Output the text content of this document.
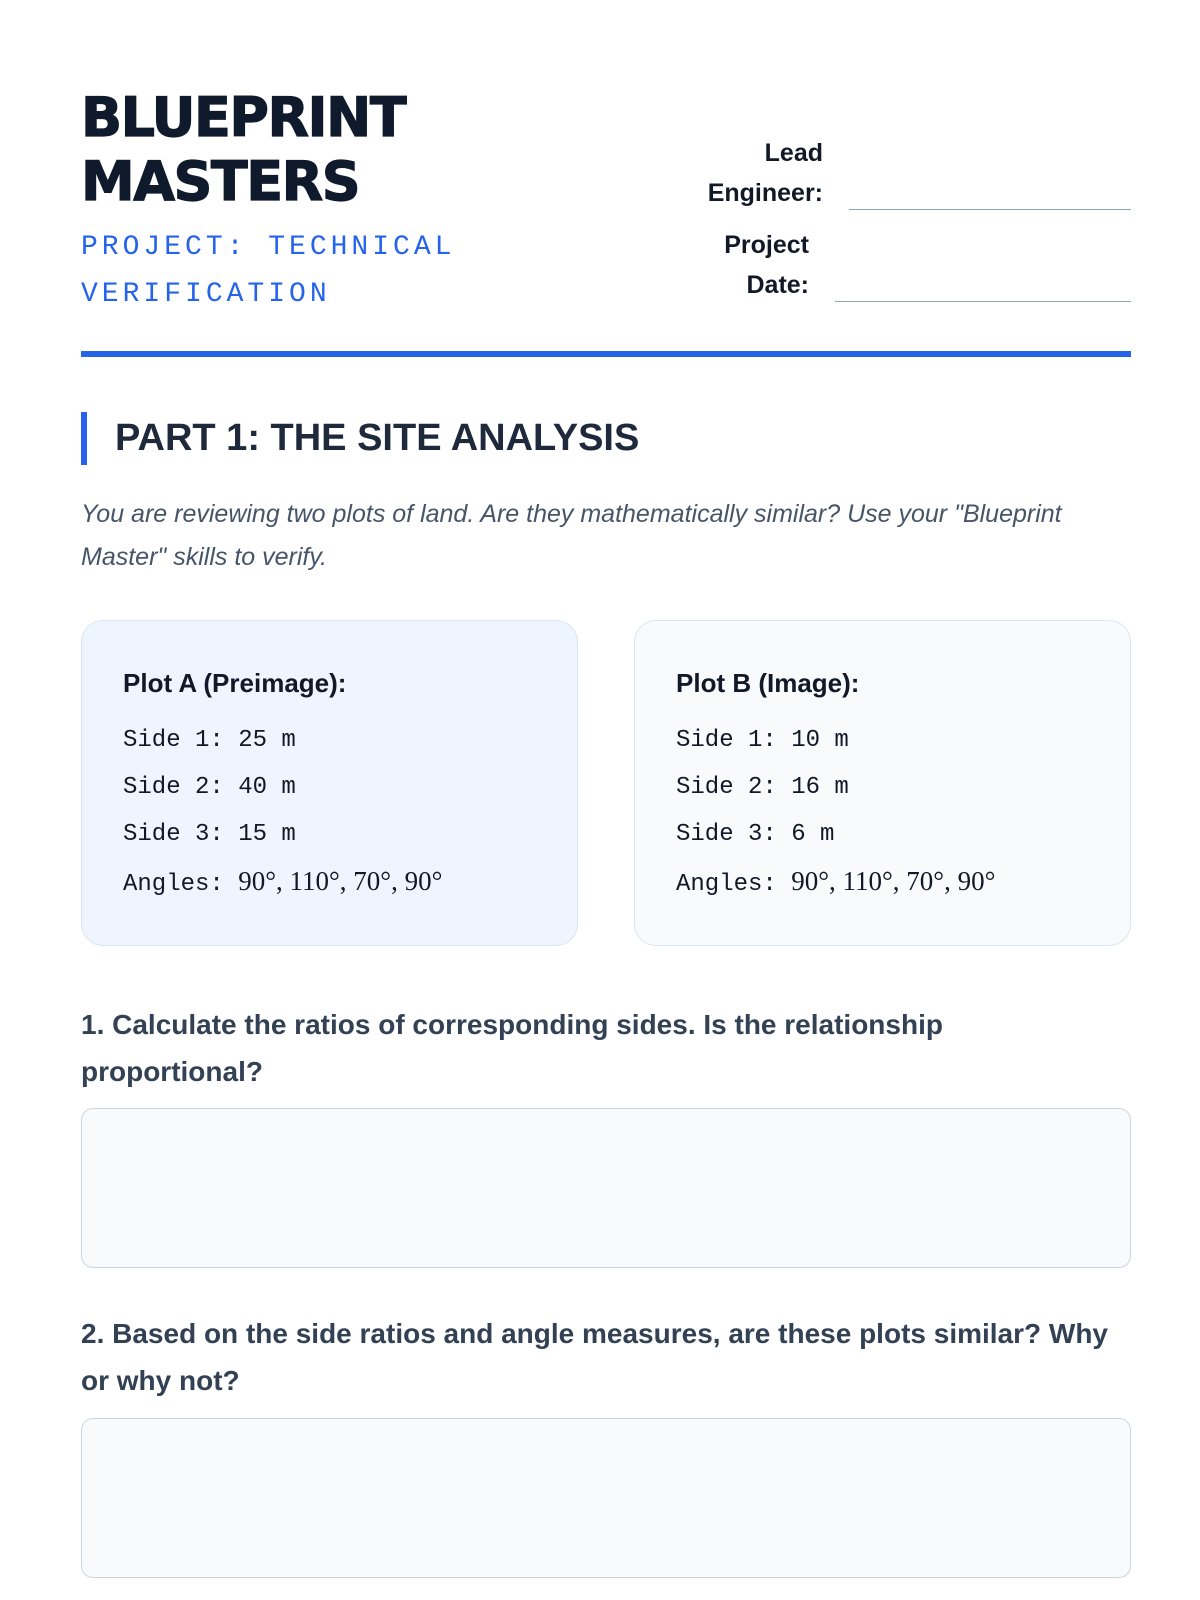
BLUEPRINT MASTERS
PROJECT: TECHNICAL VERIFICATION
Lead Engineer:
Project Date:
PART 1: THE SITE ANALYSIS
You are reviewing two plots of land. Are they mathematically similar? Use your "Blueprint Master" skills to verify.
Plot A (Preimage):
Side 1: 25 m
Side 2: 40 m
Side 3: 15 m
Angles: 90°, 110°, 70°, 90°
Plot B (Image):
Side 1: 10 m
Side 2: 16 m
Side 3: 6 m
Angles: 90°, 110°, 70°, 90°
1. Calculate the ratios of corresponding sides. Is the relationship proportional?
2. Based on the side ratios and angle measures, are these plots similar? Why or why not?
